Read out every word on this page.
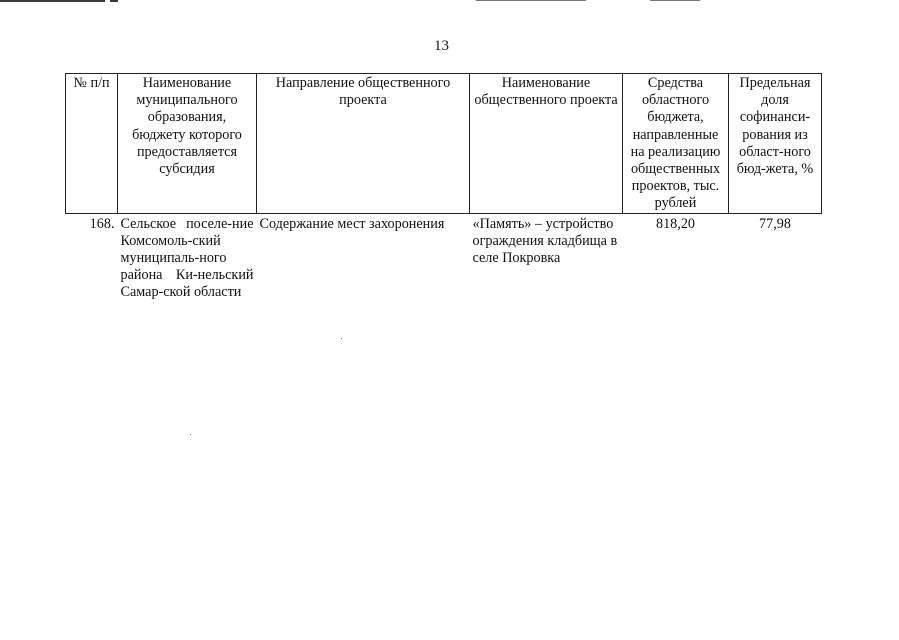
13
№ п/п	Наименование муниципального образования, бюджету которого предоставляется субсидия	Направление общественного проекта	Наименование общественного проекта	Средства областного бюджета, направленные на реализацию общественных проектов, тыс. рублей	Предельная доля софинанси-рования из област-ного бюд-жета, %
168.	Сельское поселе-ние Комсомоль-ский муниципаль-ного района Ки-нельский Самар-ской области	Содержание мест захоронения	«Память» – устройство ограждения кладбища в селе Покровка	818,20	77,98
